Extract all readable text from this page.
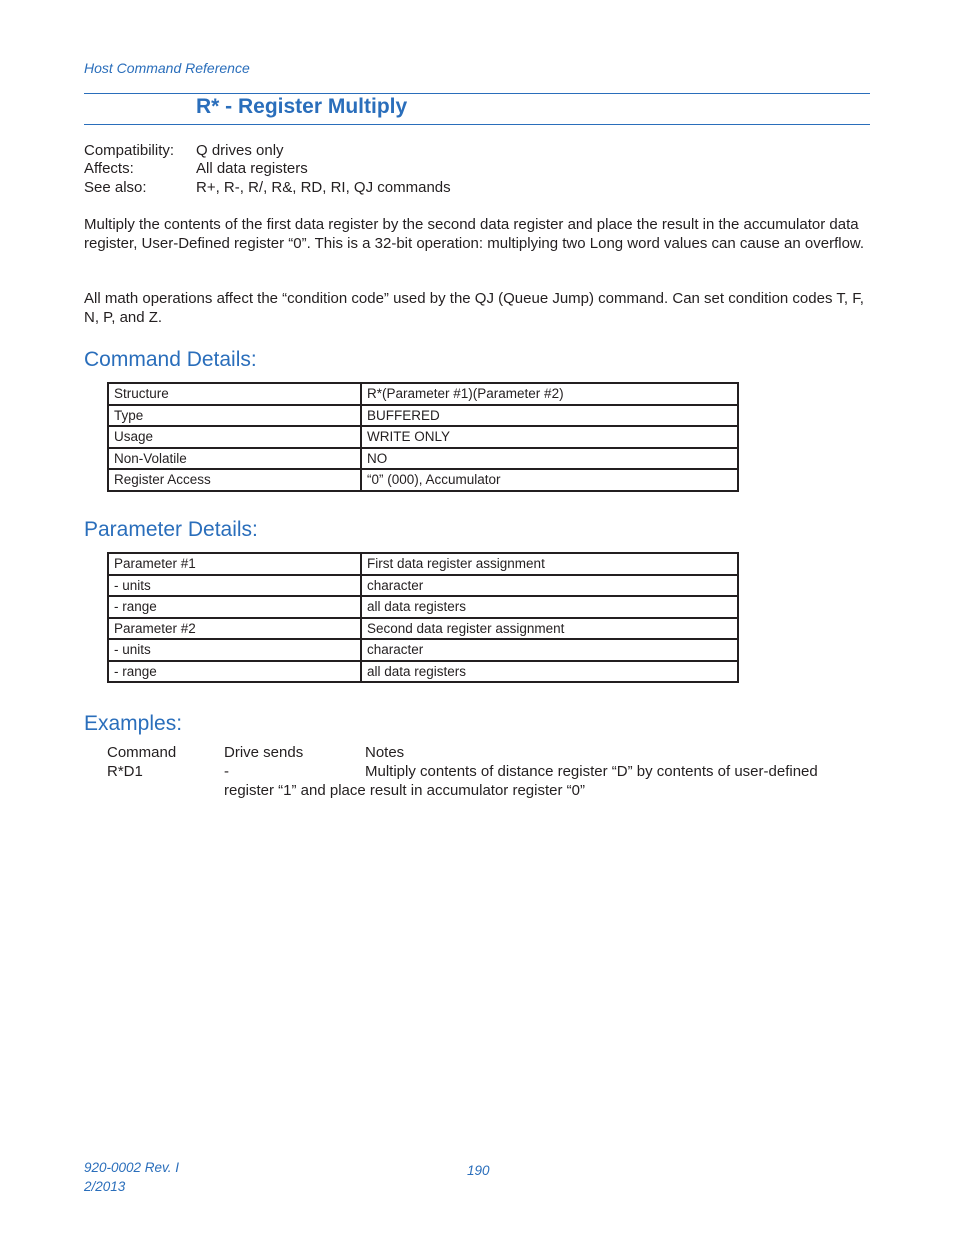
Host Command Reference
R* - Register Multiply
Compatibility: Q drives only
Affects:	All data registers
See also:	R+, R-, R/, R&, RD, RI, QJ commands
Multiply the contents of the first data register by the second data register and place the result in the accumulator data register, User-Defined register “0”. This is a 32-bit operation: multiplying two Long word values can cause an overflow.
All math operations affect the “condition code” used by the QJ (Queue Jump) command. Can set condition codes T, F, N, P, and Z.
Command Details:
Structure	R*(Parameter #1)(Parameter #2)
Type	BUFFERED
Usage	WRITE ONLY
Non-Volatile	NO
Register Access	“0” (000), Accumulator
Parameter Details:
Parameter #1	First data register assignment
- units	character
- range	all data registers
Parameter #2	Second data register assignment
- units	character
- range	all data registers
Examples:
Command	Drive sends	Notes
R*D1	-	Multiply contents of distance register “D” by contents of user-defined
register “1” and place result in accumulator register “0”
920-0002 Rev. I
2/2013
190
